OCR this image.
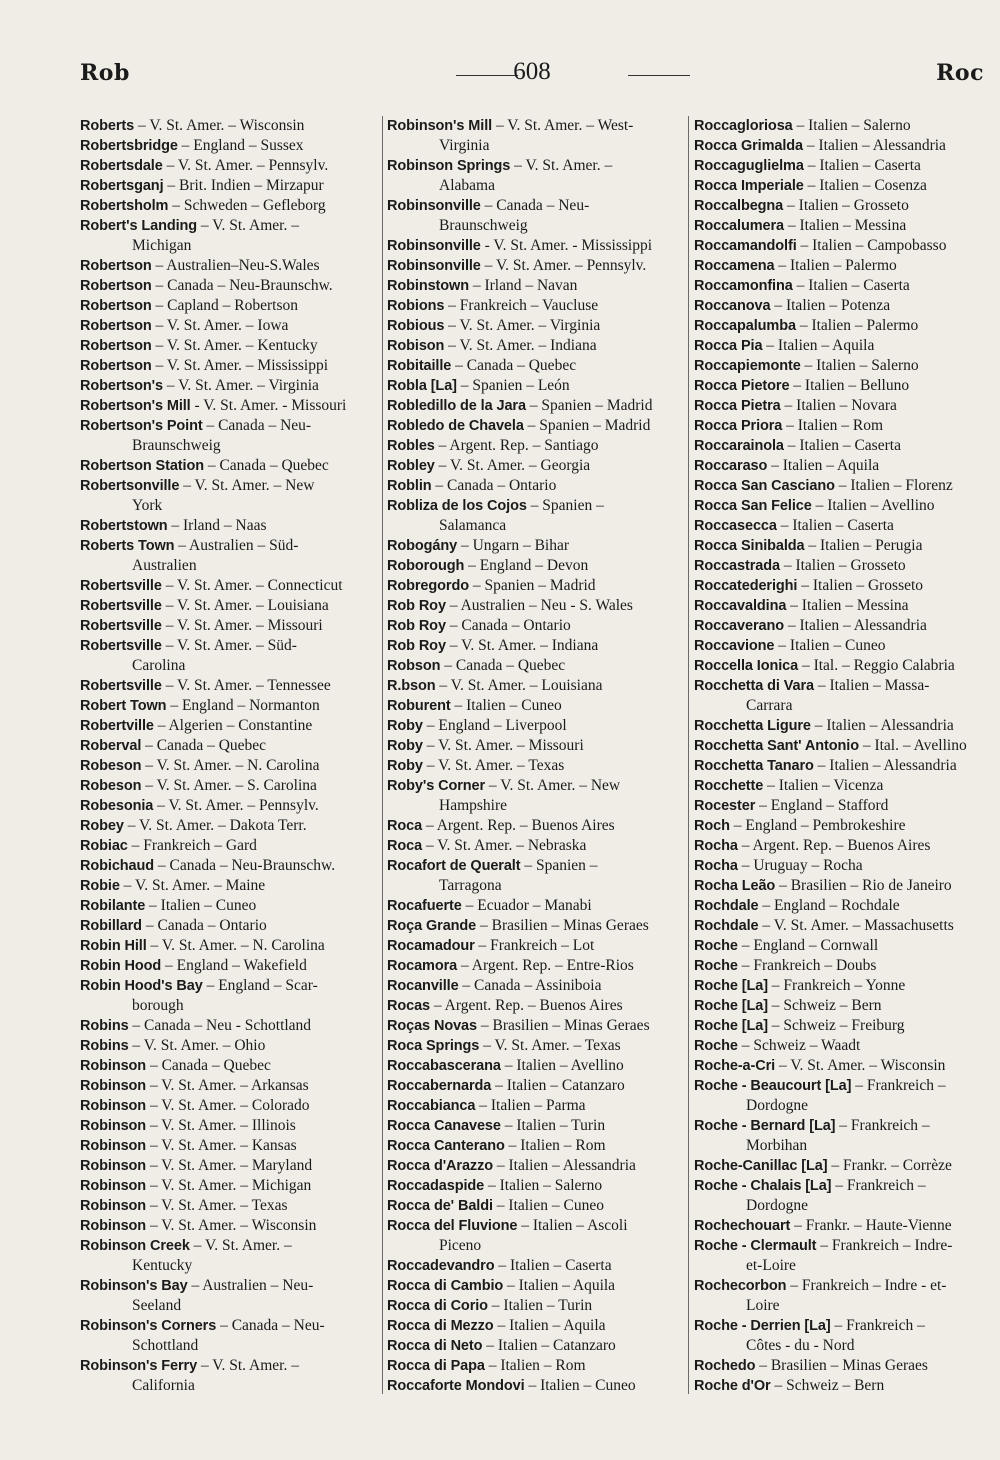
Rob	608	Roc
Roberts – V. St. Amer. – Wisconsin
Robertsbridge – England – Sussex
Robertsdale – V. St. Amer. – Pennsylv.
Robertsganj – Brit. Indien – Mirzapur
Robertsholm – Schweden – Gefleborg
Robert's Landing – V. St. Amer. –
Michigan
Robertson – Australien–Neu-S.Wales
Robertson – Canada – Neu-Braunschw.
Robertson – Capland – Robertson
Robertson – V. St. Amer. – Iowa
Robertson – V. St. Amer. – Kentucky
Robertson – V. St. Amer. – Mississippi
Robertson's – V. St. Amer. – Virginia
Robertson's Mill - V. St. Amer. - Missouri
Robertson's Point – Canada – Neu-
Braunschweig
Robertson Station – Canada – Quebec
Robertsonville – V. St. Amer. – New
York
Robertstown – Irland – Naas
Roberts Town – Australien – Süd-
Australien
Robertsville – V. St. Amer. – Connecticut
Robertsville – V. St. Amer. – Louisiana
Robertsville – V. St. Amer. – Missouri
Robertsville – V. St. Amer. – Süd-
Carolina
Robertsville – V. St. Amer. – Tennessee
Robert Town – England – Normanton
Robertville – Algerien – Constantine
Roberval – Canada – Quebec
Robeson – V. St. Amer. – N. Carolina
Robeson – V. St. Amer. – S. Carolina
Robesonia – V. St. Amer. – Pennsylv.
Robey – V. St. Amer. – Dakota Terr.
Robiac – Frankreich – Gard
Robichaud – Canada – Neu-Braunschw.
Robie – V. St. Amer. – Maine
Robilante – Italien – Cuneo
Robillard – Canada – Ontario
Robin Hill – V. St. Amer. – N. Carolina
Robin Hood – England – Wakefield
Robin Hood's Bay – England – Scar-
borough
Robins – Canada – Neu - Schottland
Robins – V. St. Amer. – Ohio
Robinson – Canada – Quebec
Robinson – V. St. Amer. – Arkansas
Robinson – V. St. Amer. – Colorado
Robinson – V. St. Amer. – Illinois
Robinson – V. St. Amer. – Kansas
Robinson – V. St. Amer. – Maryland
Robinson – V. St. Amer. – Michigan
Robinson – V. St. Amer. – Texas
Robinson – V. St. Amer. – Wisconsin
Robinson Creek – V. St. Amer. –
Kentucky
Robinson's Bay – Australien – Neu-
Seeland
Robinson's Corners – Canada – Neu-
Schottland
Robinson's Ferry – V. St. Amer. –
California
Robinson's Mill – V. St. Amer. – West-
Virginia
Robinson Springs – V. St. Amer. –
Alabama
Robinsonville – Canada – Neu-
Braunschweig
Robinsonville - V. St. Amer. - Mississippi
Robinsonville – V. St. Amer. – Pennsylv.
Robinstown – Irland – Navan
Robions – Frankreich – Vaucluse
Robious – V. St. Amer. – Virginia
Robison – V. St. Amer. – Indiana
Robitaille – Canada – Quebec
Robla [La] – Spanien – León
Robledillo de la Jara – Spanien – Madrid
Robledo de Chavela – Spanien – Madrid
Robles – Argent. Rep. – Santiago
Robley – V. St. Amer. – Georgia
Roblin – Canada – Ontario
Robliza de los Cojos – Spanien –
Salamanca
Robogány – Ungarn – Bihar
Roborough – England – Devon
Robregordo – Spanien – Madrid
Rob Roy – Australien – Neu - S. Wales
Rob Roy – Canada – Ontario
Rob Roy – V. St. Amer. – Indiana
Robson – Canada – Quebec
R.bson – V. St. Amer. – Louisiana
Roburent – Italien – Cuneo
Roby – England – Liverpool
Roby – V. St. Amer. – Missouri
Roby – V. St. Amer. – Texas
Roby's Corner – V. St. Amer. – New
Hampshire
Roca – Argent. Rep. – Buenos Aires
Roca – V. St. Amer. – Nebraska
Rocafort de Queralt – Spanien –
Tarragona
Rocafuerte – Ecuador – Manabi
Roça Grande – Brasilien – Minas Geraes
Rocamadour – Frankreich – Lot
Rocamora – Argent. Rep. – Entre-Rios
Rocanville – Canada – Assiniboia
Rocas – Argent. Rep. – Buenos Aires
Roças Novas – Brasilien – Minas Geraes
Roca Springs – V. St. Amer. – Texas
Roccabascerana – Italien – Avellino
Roccabernarda – Italien – Catanzaro
Roccabianca – Italien – Parma
Rocca Canavese – Italien – Turin
Rocca Canterano – Italien – Rom
Rocca d'Arazzo – Italien – Alessandria
Roccadaspide – Italien – Salerno
Rocca de' Baldi – Italien – Cuneo
Rocca del Fluvione – Italien – Ascoli
Piceno
Roccadevandro – Italien – Caserta
Rocca di Cambio – Italien – Aquila
Rocca di Corio – Italien – Turin
Rocca di Mezzo – Italien – Aquila
Rocca di Neto – Italien – Catanzaro
Rocca di Papa – Italien – Rom
Roccaforte Mondovi – Italien – Cuneo
Roccagloriosa – Italien – Salerno
Rocca Grimalda – Italien – Alessandria
Roccaguglielma – Italien – Caserta
Rocca Imperiale – Italien – Cosenza
Roccalbegna – Italien – Grosseto
Roccalumera – Italien – Messina
Roccamandolfi – Italien – Campobasso
Roccamena – Italien – Palermo
Roccamonfina – Italien – Caserta
Roccanova – Italien – Potenza
Roccapalumba – Italien – Palermo
Rocca Pia – Italien – Aquila
Roccapiemonte – Italien – Salerno
Rocca Pietore – Italien – Belluno
Rocca Pietra – Italien – Novara
Rocca Priora – Italien – Rom
Roccarainola – Italien – Caserta
Roccaraso – Italien – Aquila
Rocca San Casciano – Italien – Florenz
Rocca San Felice – Italien – Avellino
Roccasecca – Italien – Caserta
Rocca Sinibalda – Italien – Perugia
Roccastrada – Italien – Grosseto
Roccatederighi – Italien – Grosseto
Roccavaldina – Italien – Messina
Roccaverano – Italien – Alessandria
Roccavione – Italien – Cuneo
Roccella Ionica – Ital. – Reggio Calabria
Rocchetta di Vara – Italien – Massa-
Carrara
Rocchetta Ligure – Italien – Alessandria
Rocchetta Sant' Antonio – Ital. – Avellino
Rocchetta Tanaro – Italien – Alessandria
Rocchette – Italien – Vicenza
Rocester – England – Stafford
Roch – England – Pembrokeshire
Rocha – Argent. Rep. – Buenos Aires
Rocha – Uruguay – Rocha
Rocha Leão – Brasilien – Rio de Janeiro
Rochdale – England – Rochdale
Rochdale – V. St. Amer. – Massachusetts
Roche – England – Cornwall
Roche – Frankreich – Doubs
Roche [La] – Frankreich – Yonne
Roche [La] – Schweiz – Bern
Roche [La] – Schweiz – Freiburg
Roche – Schweiz – Waadt
Roche-a-Cri – V. St. Amer. – Wisconsin
Roche - Beaucourt [La] – Frankreich –
Dordogne
Roche - Bernard [La] – Frankreich –
Morbihan
Roche-Canillac [La] – Frankr. – Corrèze
Roche - Chalais [La] – Frankreich –
Dordogne
Rochechouart – Frankr. – Haute-Vienne
Roche - Clermault – Frankreich – Indre-
et-Loire
Rochecorbon – Frankreich – Indre - et-
Loire
Roche - Derrien [La] – Frankreich –
Côtes - du - Nord
Rochedo – Brasilien – Minas Geraes
Roche d'Or – Schweiz – Bern
